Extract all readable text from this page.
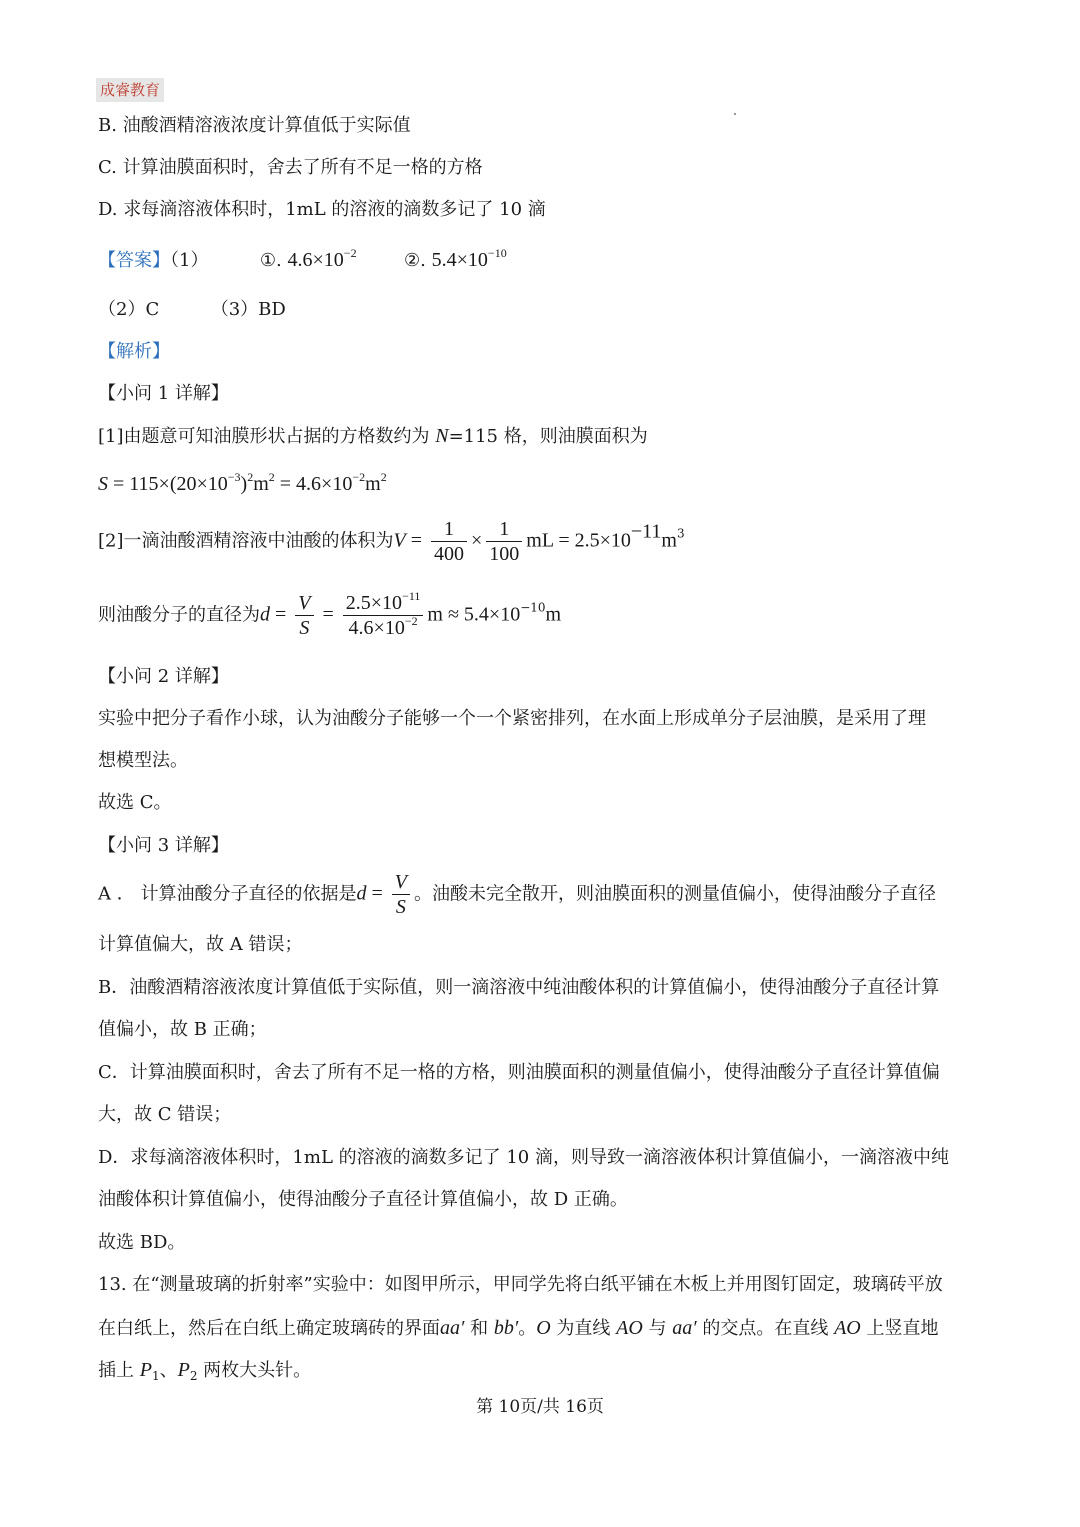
成睿教育
B. 油酸酒精溶液浓度计算值低于实际值
C. 计算油膜面积时，舍去了所有不足一格的方格
D. 求每滴溶液体积时，1mL 的溶液的滴数多记了 10 滴
【答案】（1）	①. $4.6\times 10^{-2}$	②. $5.4\times 10^{-10}$
（2）C	（3）BD
【解析】
【小问 1 详解】
[1]由题意可知油膜形状占据的方格数约为 N=115 格，则油膜面积为
$S = 115\times(20\times 10^{-3})^2m^2 = 4.6\times 10^{-2}m^2$
[2]一滴油酸酒精溶液中油酸的体积为$V = \frac{1}{400} \times \frac{1}{100}$ mL = $2.5\times 10^{-11}m^3$
则油酸分子的直径为$d = \frac{V}{S} = \frac{2.5\times 10^{-11}}{4.6\times 10^{-2}}$ $m \approx 5.4\times 10^{-10}m$
【小问 2 详解】
实验中把分子看作小球，认为油酸分子能够一个一个紧密排列，在水面上形成单分子层油膜，是采用了理
想模型法。
故选 C。
【小问 3 详解】
A ． 计算油酸分子直径的依据是$d = \frac{V}{S}$ 。油酸未完全散开，则油膜面积的测量值偏小，使得油酸分子直径
计算值偏大，故 A 错误；
B．油酸酒精溶液浓度计算值低于实际值，则一滴溶液中纯油酸体积的计算值偏小，使得油酸分子直径计算
值偏小，故 B 正确；
C．计算油膜面积时，舍去了所有不足一格的方格，则油膜面积的测量值偏小，使得油酸分子直径计算值偏
大，故 C 错误；
D．求每滴溶液体积时，1mL 的溶液的滴数多记了 10 滴，则导致一滴溶液体积计算值偏小，一滴溶液中纯
油酸体积计算值偏小，使得油酸分子直径计算值偏小，故 D 正确。
故选 BD。
13. 在“测量玻璃的折射率”实验中：如图甲所示，甲同学先将白纸平铺在木板上并用图钉固定，玻璃砖平放
在白纸上，然后在白纸上确定玻璃砖的界面aa′ 和 bb′。O 为直线 AO 与 aa′ 的交点。在直线 AO 上竖直地
插上 $P_1$、$P_2$ 两枚大头针。
第 10页/共 16页
